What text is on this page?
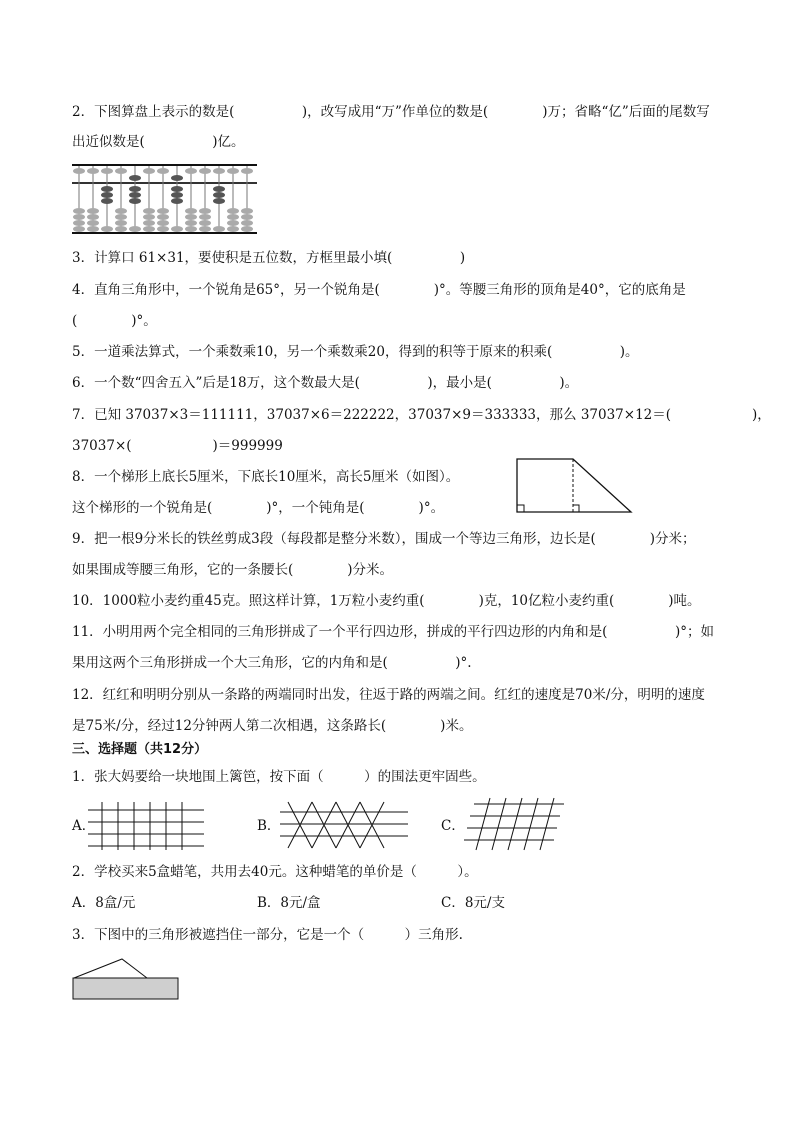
2．下图算盘上表示的数是(　　　　　)，改写成用“万”作单位的数是(　　　　)万；省略“亿”后面的尾数写
出近似数是(　　　　　)亿。
3．计算口 61×31，要使积是五位数，方框里最小填(　　　　　)
4．直角三角形中，一个锐角是65°，另一个锐角是(　　　　)°。等腰三角形的顶角是40°，它的底角是
(　　　　)°。
5．一道乘法算式，一个乘数乘10，另一个乘数乘20，得到的积等于原来的积乘(　　　　　)。
6．一个数“四舍五入”后是18万，这个数最大是(　　　　　)，最小是(　　　　　)。
7．已知 37037×3＝111111，37037×6＝222222，37037×9＝333333，那么 37037×12＝(　　　　　　)，
37037×(　　　　　　)＝999999
8．一个梯形上底长5厘米，下底长10厘米，高长5厘米（如图）。
这个梯形的一个锐角是(　　　　)°，一个钝角是(　　　　)°。
9．把一根9分米长的铁丝剪成3段（每段都是整分米数），围成一个等边三角形，边长是(　　　　)分米；
如果围成等腰三角形，它的一条腰长(　　　　)分米。
10．1000粒小麦约重45克。照这样计算，1万粒小麦约重(　　　　)克，10亿粒小麦约重(　　　　)吨。
11．小明用两个完全相同的三角形拼成了一个平行四边形，拼成的平行四边形的内角和是(　　　　　)°；如
果用这两个三角形拼成一个大三角形，它的内角和是(　　　　　)°.
12．红红和明明分别从一条路的两端同时出发，往返于路的两端之间。红红的速度是70米/分，明明的速度
是75米/分，经过12分钟两人第二次相遇，这条路长(　　　　)米。
三、选择题（共12分）
1．张大妈要给一块地围上篱笆，按下面（　　　）的围法更牢固些。
A．	B．	C．
2．学校买来5盒蜡笔，共用去40元。这种蜡笔的单价是（　　　）。
A．8盒/元	B．8元/盒	C．8元/支
3．下图中的三角形被遮挡住一部分，它是一个（　　　）三角形.
